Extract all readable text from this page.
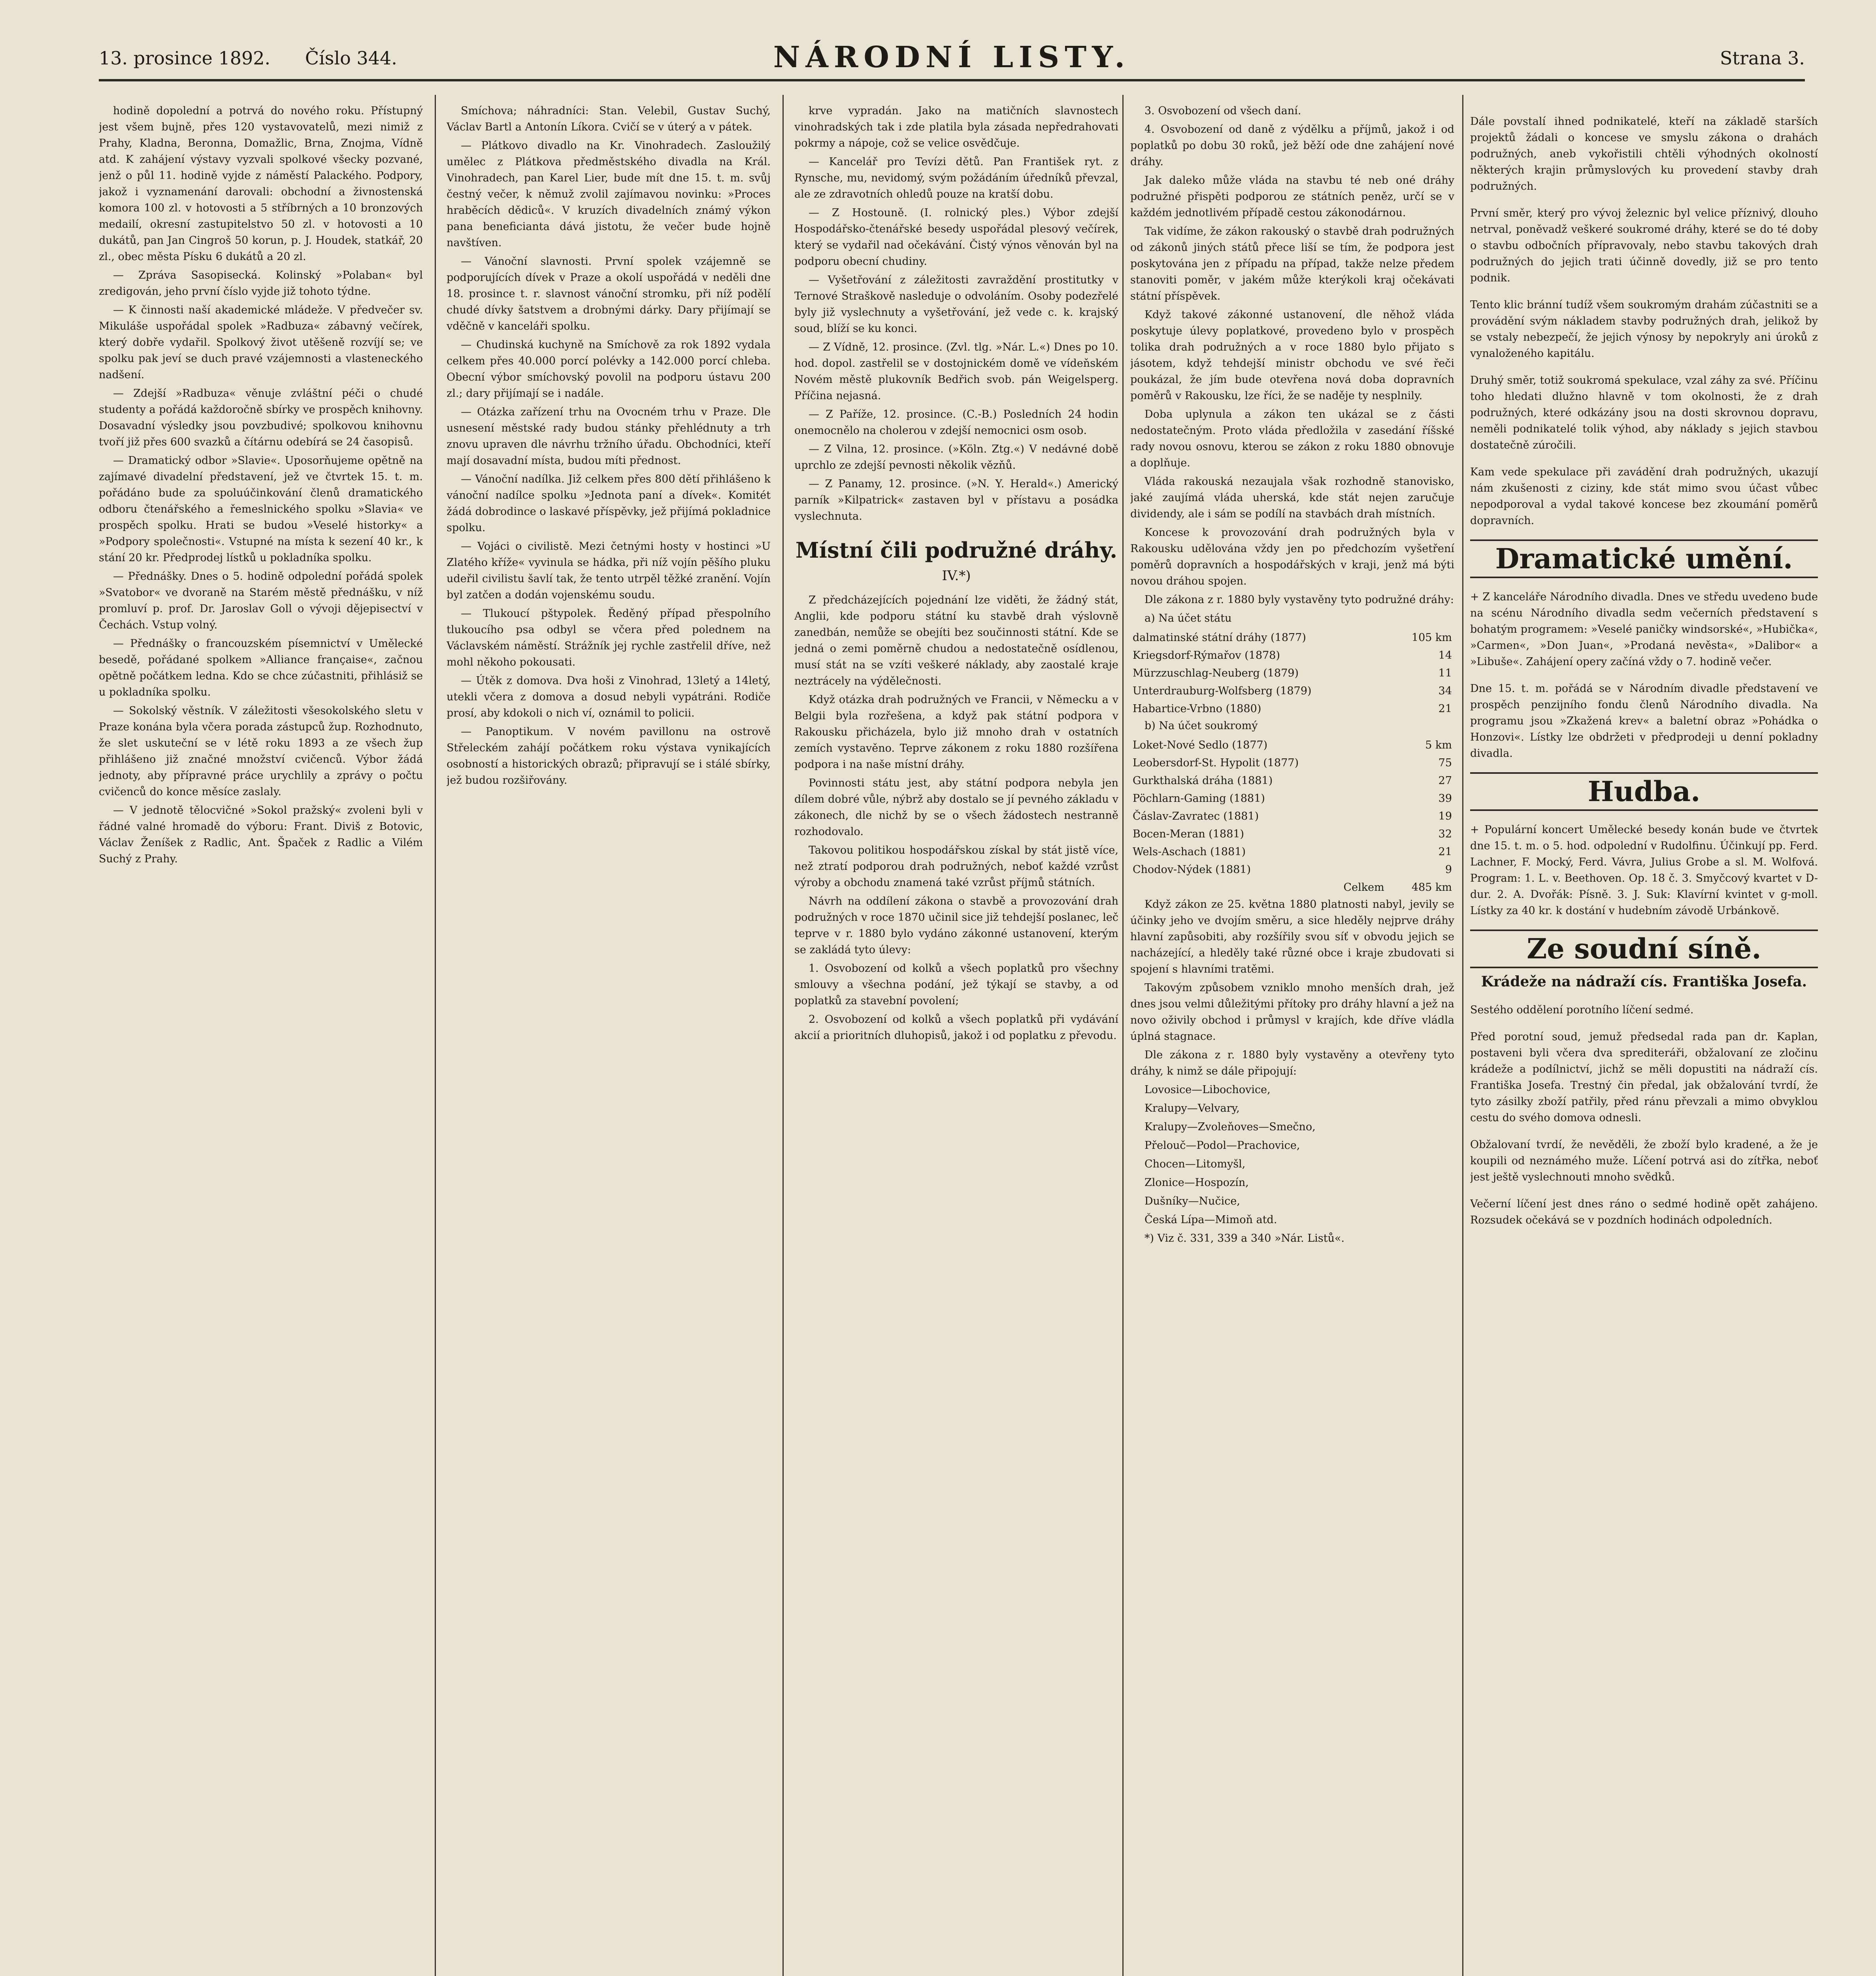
13. prosince 1892. Číslo 344.	NÁRODNÍ LISTY.	Strana 3.

hodině dopolední a potrvá do nového roku. Přístupný jest všem bujně, přes 120 vystavovatelů, mezi nimiž z Prahy, Kladna, Beronna, Domažlic, Brna, Znojma, Vídně atd. K zahájení výstavy vyzvali spolkové všecky pozvané, jenž o půl 11. hodině vyjde z náměstí Palackého. Podpory, jakož i vyznamenání darovali: obchodní a živnostenská komora 100 zl. v hotovosti a 5 stříbrných a 10 bronzových medailí, okresní zastupitelstvo 50 zl. v hotovosti a 10 dukátů, pan Jan Cingroš 50 korun, p. J. Houdek, statkář, 20 zl., obec města Písku 6 dukátů a 20 zl.

— Zpráva Sasopisecká. Kolinský »Polaban« byl zredigován, jeho první číslo vyjde již tohoto týdne.

— K činnosti naší akademické mládeže. V předvečer sv. Mikuláše uspořádal spolek »Radbuza« zábavný večírek, který dobře vydařil. Spolkový život utěšeně rozvíjí se; ve spolku pak jeví se duch pravé vzájemnosti a vlasteneckého nadšení.

— Zdejší »Radbuza« věnuje zvláštní péči o chudé studenty a pořádá každoročně sbírky ve prospěch knihovny. Dosavadní výsledky jsou povzbudivé; spolkovou knihovnu tvoří již přes 600 svazků a čítárnu odebírá se 24 časopisů.

— Dramatický odbor »Slavie«. Uposorňujeme opětně na zajímavé divadelní představení, jež ve čtvrtek 15. t. m. pořádáno bude za spoluúčinkování členů dramatického odboru čtenářského a řemeslnického spolku »Slavia« ve prospěch spolku. Hrati se budou »Veselé historky« a »Podpory společnosti«. Vstupné na místa k sezení 40 kr., k stání 20 kr. Předprodej lístků u pokladníka spolku.

— Přednášky. Dnes o 5. hodině odpolední pořádá spolek »Svatobor« ve dvoraně na Starém městě přednášku, v níž promluví p. prof. Dr. Jaroslav Goll o vývoji dějepisectví v Čechách. Vstup volný.

— Přednášky o francouzském písemnictví v Umělecké besedě, pořádané spolkem »Alliance française«, začnou opětně počátkem ledna. Kdo se chce zúčastniti, přihlásiž se u pokladníka spolku.

— Sokolský věstník. V záležitosti všesokolského sletu v Praze konána byla včera porada zástupců žup. Rozhodnuto, že slet uskuteční se v létě roku 1893 a ze všech žup přihlášeno již značné množství cvičenců. Výbor žádá jednoty, aby přípravné práce urychlily a zprávy o počtu cvičenců do konce měsíce zaslaly.

— V jednotě tělocvičné »Sokol pražský« zvoleni byli v řádné valné hromadě do výboru: Frant. Diviš z Botovic, Václav Ženíšek z Radlic, Ant. Špaček z Radlic a Vilém Suchý z Prahy.

Smíchova; náhradníci: Stan. Velebil, Gustav Suchý, Václav Bartl a Antonín Líkora. Cvičí se v úterý a v pátek.

— Plátkovo divadlo na Kr. Vinohradech. Zasloužilý umělec z Plátkova předměstského divadla na Král. Vinohradech, pan Karel Lier, bude mít dne 15. t. m. svůj čestný večer, k němuž zvolil zajímavou novinku: »Proces hraběcích dědiců«. V kruzích divadelních známý výkon pana beneficianta dává jistotu, že večer bude hojně navštíven.

— Vánoční slavnosti. První spolek vzájemně se podporujících dívek v Praze a okolí uspořádá v neděli dne 18. prosince t. r. slavnost vánoční stromku, při níž podělí chudé dívky šatstvem a drobnými dárky. Dary přijímají se vděčně v kanceláři spolku.

— Chudinská kuchyně na Smíchově za rok 1892 vydala celkem přes 40.000 porcí polévky a 142.000 porcí chleba. Obecní výbor smíchovský povolil na podporu ústavu 200 zl.; dary přijímají se i nadále.

— Otázka zařízení trhu na Ovocném trhu v Praze. Dle usnesení městské rady budou stánky přehlédnuty a trh znovu upraven dle návrhu tržního úřadu. Obchodníci, kteří mají dosavadní místa, budou míti přednost.

— Vánoční nadílka. Již celkem přes 800 dětí přihlášeno k vánoční nadílce spolku »Jednota paní a dívek«. Komitét žádá dobrodince o laskavé příspěvky, jež přijímá pokladnice spolku.

— Vojáci o civilistě. Mezi četnými hosty v hostinci »U Zlatého kříže« vyvinula se hádka, při níž vojín pěšího pluku udeřil civilistu šavlí tak, že tento utrpěl těžké zranění. Vojín byl zatčen a dodán vojenskému soudu.

— Tlukoucí pštypolek. Ředěný případ přespolního tlukoucího psa odbyl se včera před polednem na Václavském náměstí. Strážník jej rychle zastřelil dříve, než mohl někoho pokousati.

— Útěk z domova. Dva hoši z Vinohrad, 13letý a 14letý, utekli včera z domova a dosud nebyli vypátráni. Rodiče prosí, aby kdokoli o nich ví, oznámil to policii.

— Panoptikum. V novém pavillonu na ostrově Střeleckém zahájí počátkem roku výstava vynikajících osobností a historických obrazů; připravují se i stálé sbírky, jež budou rozšiřovány.

krve vypradán. Jako na matičních slavnostech vinohradských tak i zde platila byla zásada nepředrahovati pokrmy a nápoje, což se velice osvědčuje.

— Kancelář pro Tevízi dětů. Pan František ryt. z Rynsche, mu, nevidomý, svým požádáním úředníků převzal, ale ze zdravotních ohledů pouze na kratší dobu.

— Z Hostouně. (I. rolnický ples.) Výbor zdejší Hospodářsko-čtenářské besedy uspořádal plesový večírek, který se vydařil nad očekávání. Čistý výnos věnován byl na podporu obecní chudiny.

— Vyšetřování z záležitosti zavraždění prostitutky v Ternové Straškově nasleduje o odvoláním. Osoby podezřelé byly již vyslechnuty a vyšetřování, jež vede c. k. krajský soud, blíží se ku konci.

— Z Vídně, 12. prosince. (Zvl. tlg. »Nár. L.«) Dnes po 10. hod. dopol. zastřelil se v dostojnickém domě ve vídeňském Novém městě plukovník Bedřich svob. pán Weigelsperg. Příčina nejasná.

— Z Paříže, 12. prosince. (C.-B.) Posledních 24 hodin onemocnělo na cholerou v zdejší nemocnici osm osob.

— Z Vilna, 12. prosince. (»Köln. Ztg.«) V nedávné době uprchlo ze zdejší pevnosti několik vězňů.

— Z Panamy, 12. prosince. (»N. Y. Herald«.) Americký parník »Kilpatrick« zastaven byl v přístavu a posádka vyslechnuta.

Místní čili podružné dráhy.
IV.*)

Z předcházejících pojednání lze viděti, že žádný stát, Anglii, kde podporu státní ku stavbě drah výslovně zanedbán, nemůže se obejíti bez součinnosti státní. Kde se jedná o zemi poměrně chudou a nedostatečně osídlenou, musí stát na se vzíti veškeré náklady, aby zaostalé kraje neztrácely na výdělečnosti.

Když otázka drah podružných ve Francii, v Německu a v Belgii byla rozřešena, a když pak státní podpora v Rakousku přicházela, bylo již mnoho drah v ostatních zemích vystavěno. Teprve zákonem z roku 1880 rozšířena podpora i na naše místní dráhy.

Povinnosti státu jest, aby státní podpora nebyla jen dílem dobré vůle, nýbrž aby dostalo se jí pevného základu v zákonech, dle nichž by se o všech žádostech nestranně rozhodovalo.

Takovou politikou hospodářskou získal by stát jistě více, než ztratí podporou drah podružných, neboť každé vzrůst výroby a obchodu znamená také vzrůst příjmů státních.

Návrh na oddílení zákona o stavbě a provozování drah podružných v roce 1870 učinil sice již tehdejší poslanec, leč teprve v r. 1880 bylo vydáno zákonné ustanovení, kterým se zakládá tyto úlevy:

1. Osvobození od kolků a všech poplatků pro všechny smlouvy a všechna podání, jež týkají se stavby, a od poplatků za stavební povolení;

2. Osvobození od kolků a všech poplatků při vydávání akcií a prioritních dluhopisů, jakož i od poplatku z převodu.

3. Osvobození od všech daní.

4. Osvobození od daně z výdělku a příjmů, jakož i od poplatků po dobu 30 roků, jež běží ode dne zahájení nové dráhy.

Jak daleko může vláda na stavbu té neb oné dráhy podružné přispěti podporou ze státních peněz, určí se v každém jednotlivém případě cestou zákonodárnou.

Tak vidíme, že zákon rakouský o stavbě drah podružných od zákonů jiných států přece liší se tím, že podpora jest poskytována jen z případu na případ, takže nelze předem stanoviti poměr, v jakém může kterýkoli kraj očekávati státní příspěvek.

Když takové zákonné ustanovení, dle něhož vláda poskytuje úlevy poplatkové, provedeno bylo v prospěch tolika drah podružných a v roce 1880 bylo přijato s jásotem, když tehdejší ministr obchodu ve své řeči poukázal, že jím bude otevřena nová doba dopravních poměrů v Rakousku, lze říci, že se naděje ty nesplnily.

Doba uplynula a zákon ten ukázal se z části nedostatečným. Proto vláda předložila v zasedání říšské rady novou osnovu, kterou se zákon z roku 1880 obnovuje a doplňuje.

Vláda rakouská nezaujala však rozhodně stanovisko, jaké zaujímá vláda uherská, kde stát nejen zaručuje dividendy, ale i sám se podílí na stavbách drah místních.

Koncese k provozování drah podružných byla v Rakousku udělována vždy jen po předchozím vyšetření poměrů dopravních a hospodářských v kraji, jenž má býti novou dráhou spojen.

Dle zákona z r. 1880 byly vystavěny tyto podružné dráhy:

a) Na účet státu

dalmatinské státní dráhy (1877)	105 km
Kriegsdorf-Rýmařov (1878)	14
Mürzzuschlag-Neuberg (1879)	11
Unterdrauburg-Wolfsberg (1879)	34
Habartice-Vrbno (1880)	21

b) Na účet soukromý

Loket-Nové Sedlo (1877)	5 km
Leobersdorf-St. Hypolit (1877)	75
Gurkthalská dráha (1881)	27
Pöchlarn-Gaming (1881)	39
Čáslav-Zavratec (1881)	19
Bocen-Meran (1881)	32
Wels-Aschach (1881)	21
Chodov-Nýdek (1881)	9
Celkem	485 km

Když zákon ze 25. května 1880 platnosti nabyl, jevily se účinky jeho ve dvojím směru, a sice hleděly nejprve dráhy hlavní zapůsobiti, aby rozšířily svou síť v obvodu jejich se nacházející, a hleděly také různé obce i kraje zbudovati si spojení s hlavními tratěmi.

Takovým způsobem vzniklo mnoho menších drah, jež dnes jsou velmi důležitými přítoky pro dráhy hlavní a jež na novo oživily obchod i průmysl v krajích, kde dříve vládla úplná stagnace.

Dle zákona z r. 1880 byly vystavěny a otevřeny tyto dráhy, k nimž se dále připojují:

Lovosice—Libochovice,

Kralupy—Velvary,

Kralupy—Zvoleňoves—Smečno,

Přelouč—Podol—Prachovice,

Chocen—Litomyšl,

Zlonice—Hospozín,

Dušníky—Nučice,

Česká Lípa—Mimoň atd.

*) Viz č. 331, 339 a 340 »Nár. Listů«.

Dále povstalí ihned podnikatelé, kteří na základě starších projektů žádali o koncese ve smyslu zákona o drahách podružných, aneb vykořistili chtěli výhodných okolností některých krajin průmyslových ku provedení stavby drah podružných.

První směr, který pro vývoj železnic byl velice příznivý, dlouho netrval, poněvadž veškeré soukromé dráhy, které se do té doby o stavbu odbočních přípravovaly, nebo stavbu takových drah podružných do jejich trati účinně dovedly, již se pro tento podnik.

Tento klic bránní tudíž všem soukromým drahám zúčastniti se a provádění svým nákladem stavby podružných drah, jelikož by se vstaly nebezpečí, že jejich výnosy by nepokryly ani úroků z vynaloženého kapitálu.

Druhý směr, totiž soukromá spekulace, vzal záhy za své. Příčinu toho hledati dlužno hlavně v tom okolnosti, že z drah podružných, které odkázány jsou na dosti skrovnou dopravu, neměli podnikatelé tolik výhod, aby náklady s jejich stavbou dostatečně zúročili.

Kam vede spekulace při zavádění drah podružných, ukazují nám zkušenosti z ciziny, kde stát mimo svou účast vůbec nepodporoval a vydal takové koncese bez zkoumání poměrů dopravních.

Dramatické umění.

+ Z kanceláře Národního divadla. Dnes ve středu uvedeno bude na scénu Národního divadla sedm večerních představení s bohatým programem: »Veselé paničky windsorské«, »Hubička«, »Carmen«, »Don Juan«, »Prodaná nevěsta«, »Dalibor« a »Libuše«. Zahájení opery začíná vždy o 7. hodině večer.

Dne 15. t. m. pořádá se v Národním divadle představení ve prospěch penzijního fondu členů Národního divadla. Na programu jsou »Zkažená krev« a baletní obraz »Pohádka o Honzovi«. Lístky lze obdržeti v předprodeji u denní pokladny divadla.

Hudba.

+ Populární koncert Umělecké besedy konán bude ve čtvrtek dne 15. t. m. o 5. hod. odpolední v Rudolfinu. Účinkují pp. Ferd. Lachner, F. Mocký, Ferd. Vávra, Julius Grobe a sl. M. Wolfová. Program: 1. L. v. Beethoven. Op. 18 č. 3. Smyčcový kvartet v D-dur. 2. A. Dvořák: Písně. 3. J. Suk: Klavírní kvintet v g-moll. Lístky za 40 kr. k dostání v hudebním závodě Urbánkově.

Ze soudní síně.
Krádeže na nádraží cís. Františka Josefa.

Sestého oddělení porotního líčení sedmé.

Před porotní soud, jemuž předsedal rada pan dr. Kaplan, postaveni byli včera dva sprediteráři, obžalovaní ze zločinu krádeže a podílnictví, jichž se měli dopustiti na nádraží cís. Františka Josefa. Trestný čin předal, jak obžalování tvrdí, že tyto zásilky zboží patřily, před ránu převzali a mimo obvyklou cestu do svého domova odnesli.

Obžalovaní tvrdí, že nevěděli, že zboží bylo kradené, a že je koupili od neznámého muže. Líčení potrvá asi do zítřka, neboť jest ještě vyslechnouti mnoho svědků.

Večerní líčení jest dnes ráno o sedmé hodině opět zahájeno. Rozsudek očekává se v pozdních hodinách odpoledních.
